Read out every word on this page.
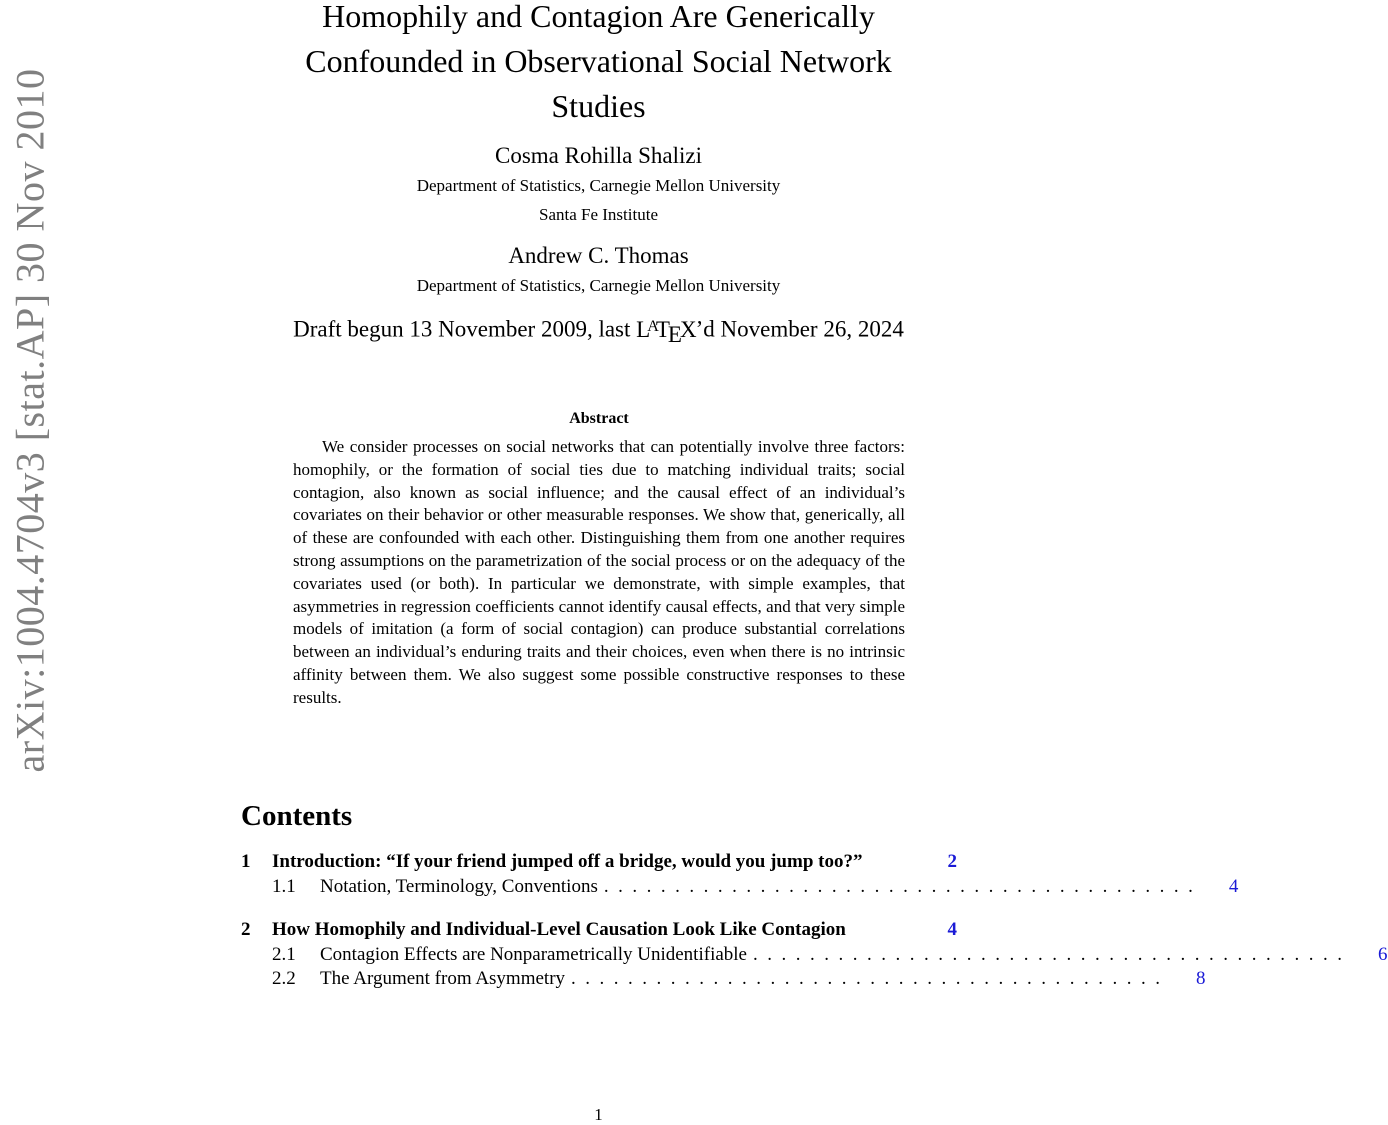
arXiv:1004.4704v3 [stat.AP] 30 Nov 2010
Homophily and Contagion Are Generically Confounded in Observational Social Network Studies
Cosma Rohilla Shalizi
Department of Statistics, Carnegie Mellon University
Santa Fe Institute
Andrew C. Thomas
Department of Statistics, Carnegie Mellon University
Draft begun 13 November 2009, last $L^AT_EX’d$ November 26, 2024
Abstract

We consider processes on social networks that can potentially involve three factors: homophily, or the formation of social ties due to matching individual traits; social contagion, also known as social influence; and the causal effect of an individual’s covariates on their behavior or other measurable responses. We show that, generically, all of these are confounded with each other. Distinguishing them from one another requires strong assumptions on the parametrization of the social process or on the adequacy of the covariates used (or both). In particular we demonstrate, with simple examples, that asymmetries in regression coefficients cannot identify causal effects, and that very simple models of imitation (a form of social contagion) can produce substantial correlations between an individual’s enduring traits and their choices, even when there is no intrinsic affinity between them. We also suggest some possible constructive responses to these results.

Contents
1	Introduction: “If your friend jumped off a bridge, would you jump too?”	2
1.1	Notation, Terminology, Conventions ..........................................	4
2	How Homophily and Individual-Level Causation Look Like Contagion	4
2.1	Contagion Effects are Nonparametrically Unidentifiable ..........................................	6
2.2	The Argument from Asymmetry ..........................................	8
1
